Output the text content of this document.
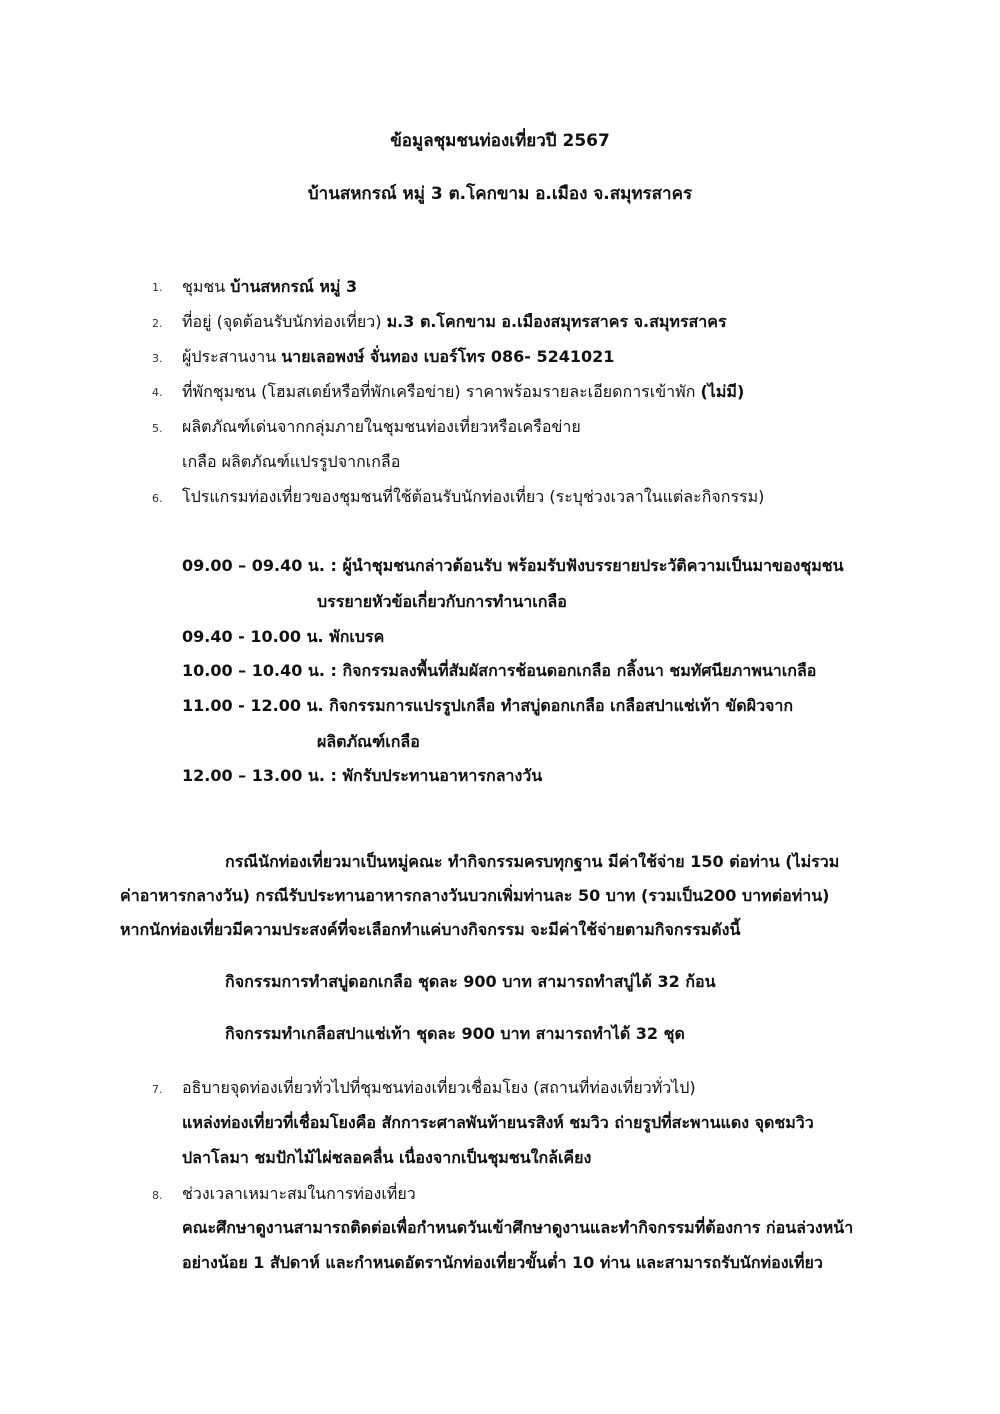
ข้อมูลชุมชนท่องเที่ยวปี 2567
บ้านสหกรณ์ หมู่ 3 ต.โคกขาม อ.เมือง จ.สมุทรสาคร
1. ชุมชน บ้านสหกรณ์ หมู่ 3
2. ที่อยู่ (จุดต้อนรับนักท่องเที่ยว) ม.3 ต.โคกขาม อ.เมืองสมุทรสาคร จ.สมุทรสาคร
3. ผู้ประสานงาน นายเลอพงษ์ จั่นทอง เบอร์โทร 086- 5241021
4. ที่พักชุมชน (โฮมสเตย์หรือที่พักเครือข่าย) ราคาพร้อมรายละเอียดการเข้าพัก (ไม่มี)
5. ผลิตภัณฑ์เด่นจากกลุ่มภายในชุมชนท่องเที่ยวหรือเครือข่าย
เกลือ ผลิตภัณฑ์แปรรูปจากเกลือ
6. โปรแกรมท่องเที่ยวของชุมชนที่ใช้ต้อนรับนักท่องเที่ยว (ระบุช่วงเวลาในแต่ละกิจกรรม)
09.00 – 09.40 น. : ผู้นำชุมชนกล่าวต้อนรับ พร้อมรับฟังบรรยายประวัติความเป็นมาของชุมชน
บรรยายหัวข้อเกี่ยวกับการทำนาเกลือ
09.40 - 10.00 น. พักเบรค
10.00 – 10.40 น. : กิจกรรมลงพื้นที่สัมผัสการช้อนดอกเกลือ กลิ้งนา ชมทัศนียภาพนาเกลือ
11.00 - 12.00 น. กิจกรรมการแปรรูปเกลือ ทำสบู่ดอกเกลือ เกลือสปาแช่เท้า ขัดผิวจาก
ผลิตภัณฑ์เกลือ
12.00 – 13.00 น. : พักรับประทานอาหารกลางวัน
กรณีนักท่องเที่ยวมาเป็นหมู่คณะ ทำกิจกรรมครบทุกฐาน มีค่าใช้จ่าย 150 ต่อท่าน (ไม่รวม
ค่าอาหารกลางวัน) กรณีรับประทานอาหารกลางวันบวกเพิ่มท่านละ 50 บาท (รวมเป็น200 บาทต่อท่าน)
หากนักท่องเที่ยวมีความประสงค์ที่จะเลือกทำแค่บางกิจกรรม จะมีค่าใช้จ่ายตามกิจกรรมดังนี้
กิจกรรมการทำสบู่ดอกเกลือ ชุดละ 900 บาท สามารถทำสบู่ได้ 32 ก้อน
กิจกรรมทำเกลือสปาแช่เท้า ชุดละ 900 บาท สามารถทำได้ 32 ชุด
7. อธิบายจุดท่องเที่ยวทั่วไปที่ชุมชนท่องเที่ยวเชื่อมโยง (สถานที่ท่องเที่ยวทั่วไป)
แหล่งท่องเที่ยวที่เชื่อมโยงคือ สักการะศาลพันท้ายนรสิงห์ ชมวิว ถ่ายรูปที่สะพานแดง จุดชมวิว
ปลาโลมา ชมปักไม้ไผ่ชลอคลื่น เนื่องจากเป็นชุมชนใกล้เคียง
8. ช่วงเวลาเหมาะสมในการท่องเที่ยว
คณะศึกษาดูงานสามารถติดต่อเพื่อกำหนดวันเข้าศึกษาดูงานและทำกิจกรรมที่ต้องการ ก่อนล่วงหน้า
อย่างน้อย 1 สัปดาห์ และกำหนดอัตรานักท่องเที่ยวขั้นต่ำ 10 ท่าน และสามารถรับนักท่องเที่ยว
